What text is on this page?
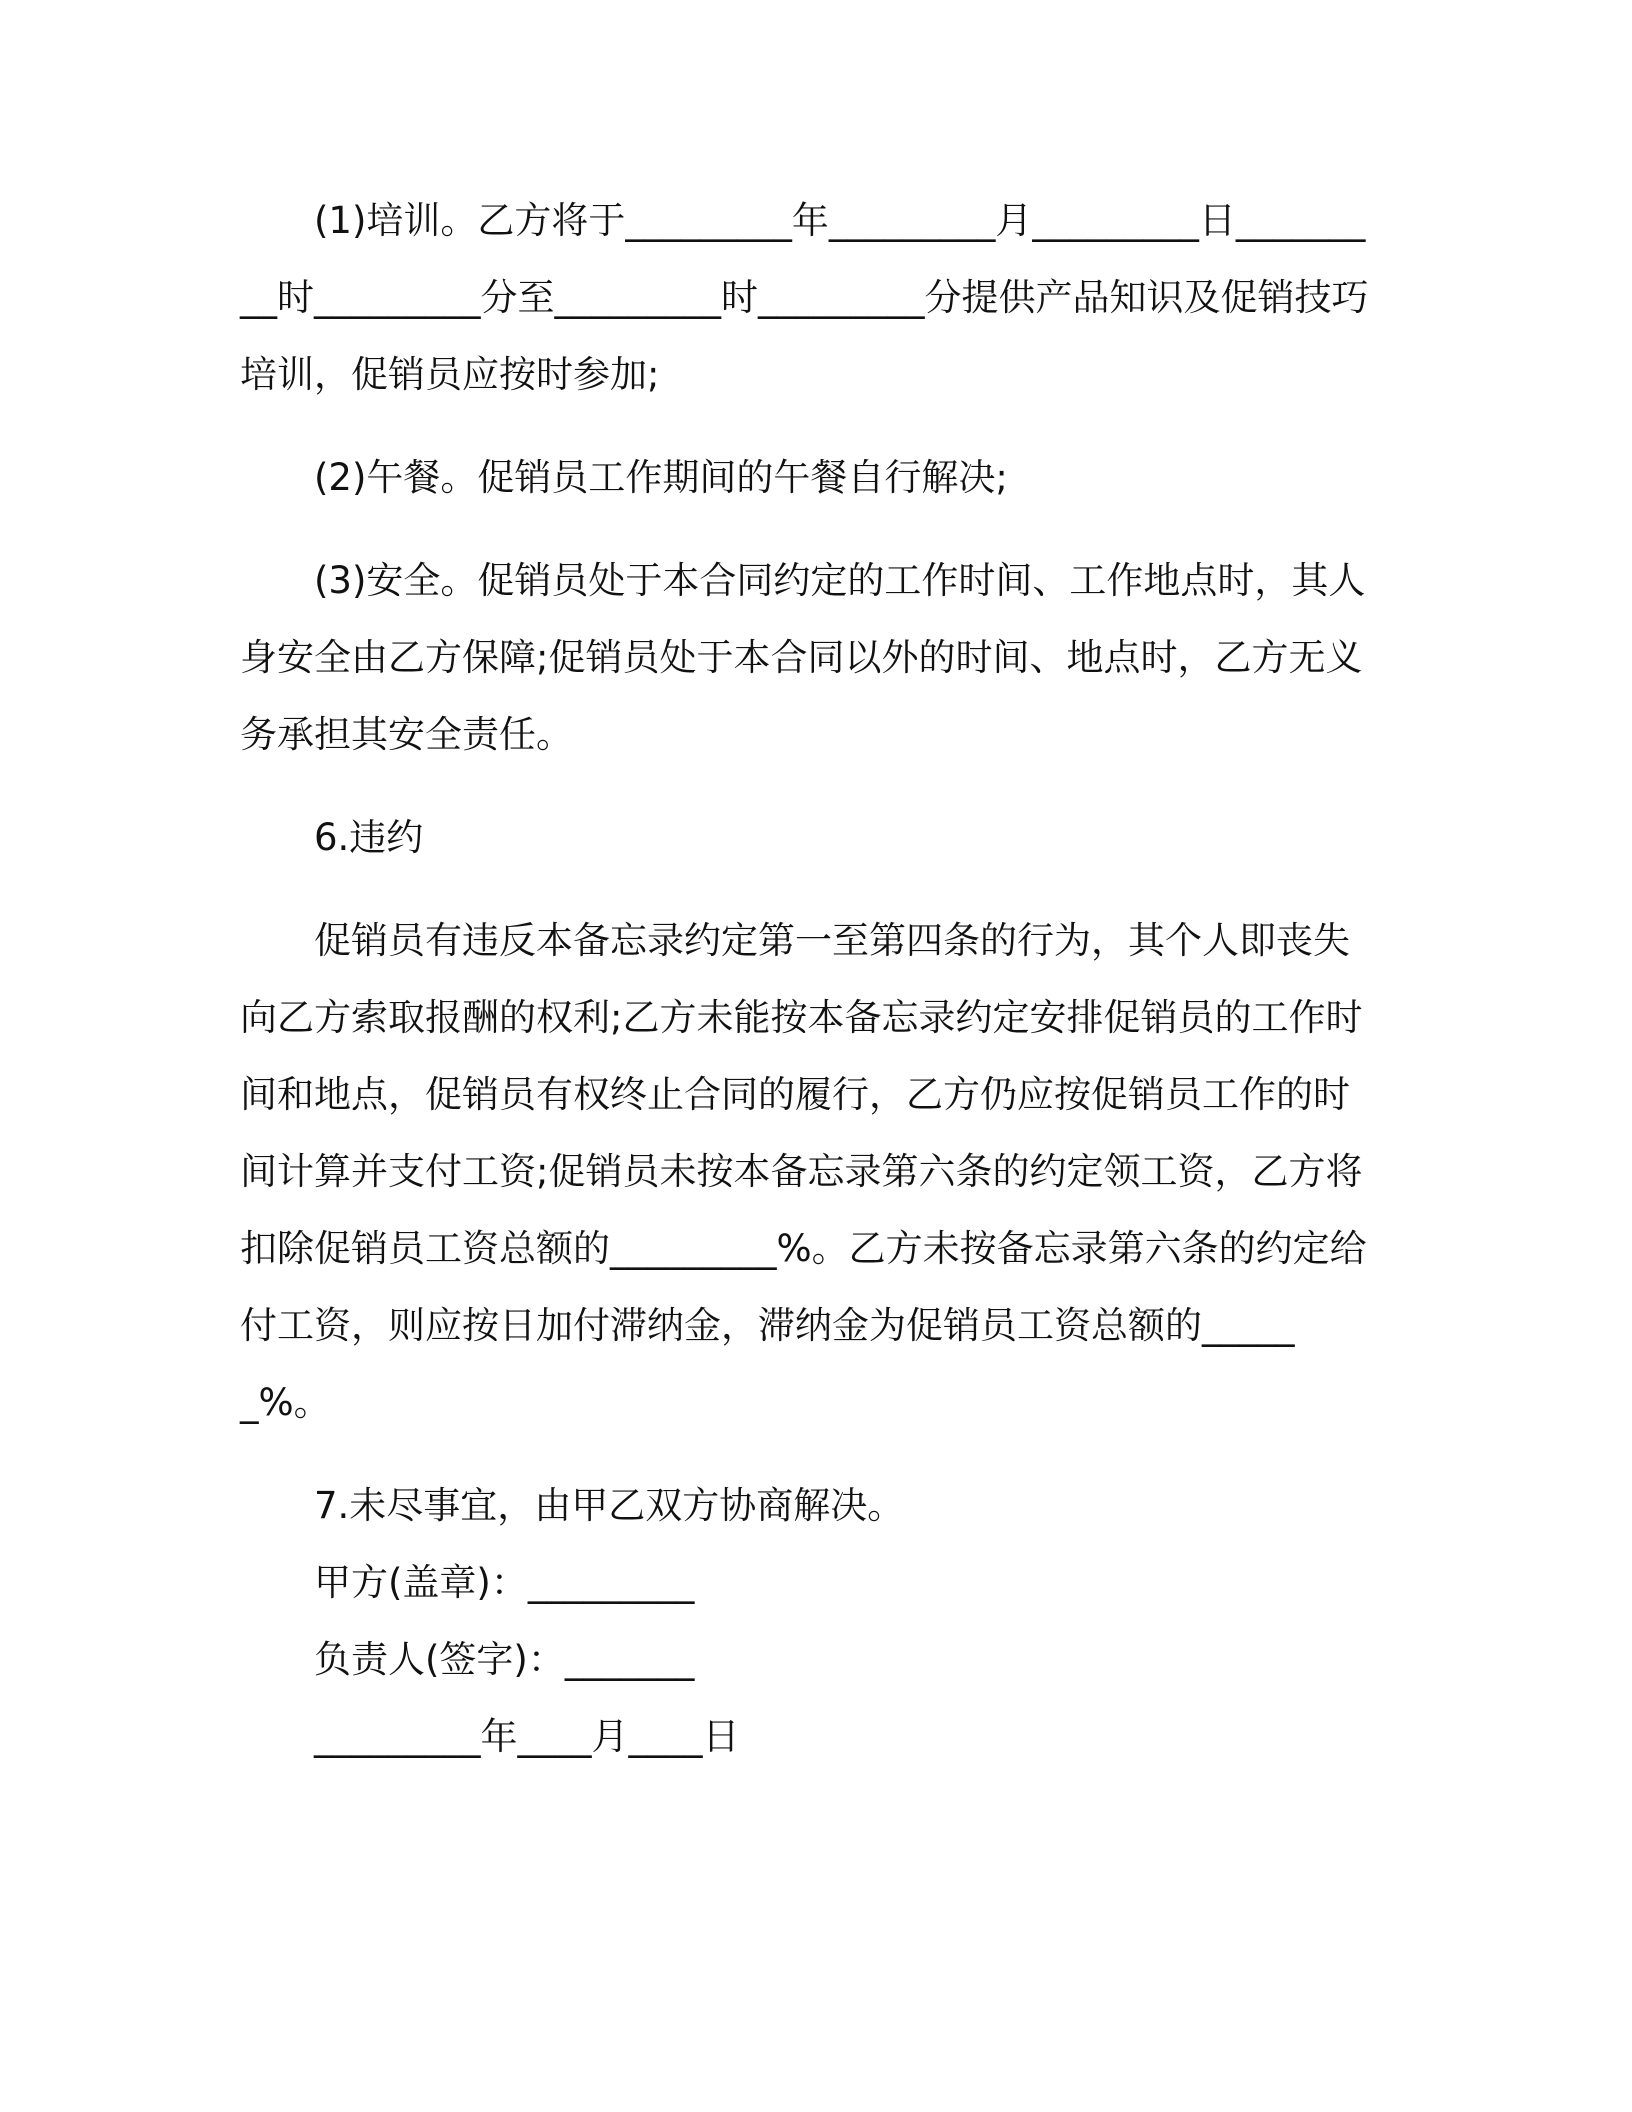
(1)培训。乙方将于_________年_________月_________日_________时_________分至_________时_________分提供产品知识及促销技巧培训，促销员应按时参加;

(2)午餐。促销员工作期间的午餐自行解决;

(3)安全。促销员处于本合同约定的工作时间、工作地点时，其人身安全由乙方保障;促销员处于本合同以外的时间、地点时，乙方无义务承担其安全责任。

6.违约

促销员有违反本备忘录约定第一至第四条的行为，其个人即丧失向乙方索取报酬的权利;乙方未能按本备忘录约定安排促销员的工作时间和地点，促销员有权终止合同的履行，乙方仍应按促销员工作的时间计算并支付工资;促销员未按本备忘录第六条的约定领工资，乙方将扣除促销员工资总额的_________%。乙方未按备忘录第六条的约定给付工资，则应按日加付滞纳金，滞纳金为促销员工资总额的______%。

7.未尽事宜，由甲乙双方协商解决。

甲方(盖章)：_________

负责人(签字)：_______

_________年____月____日
